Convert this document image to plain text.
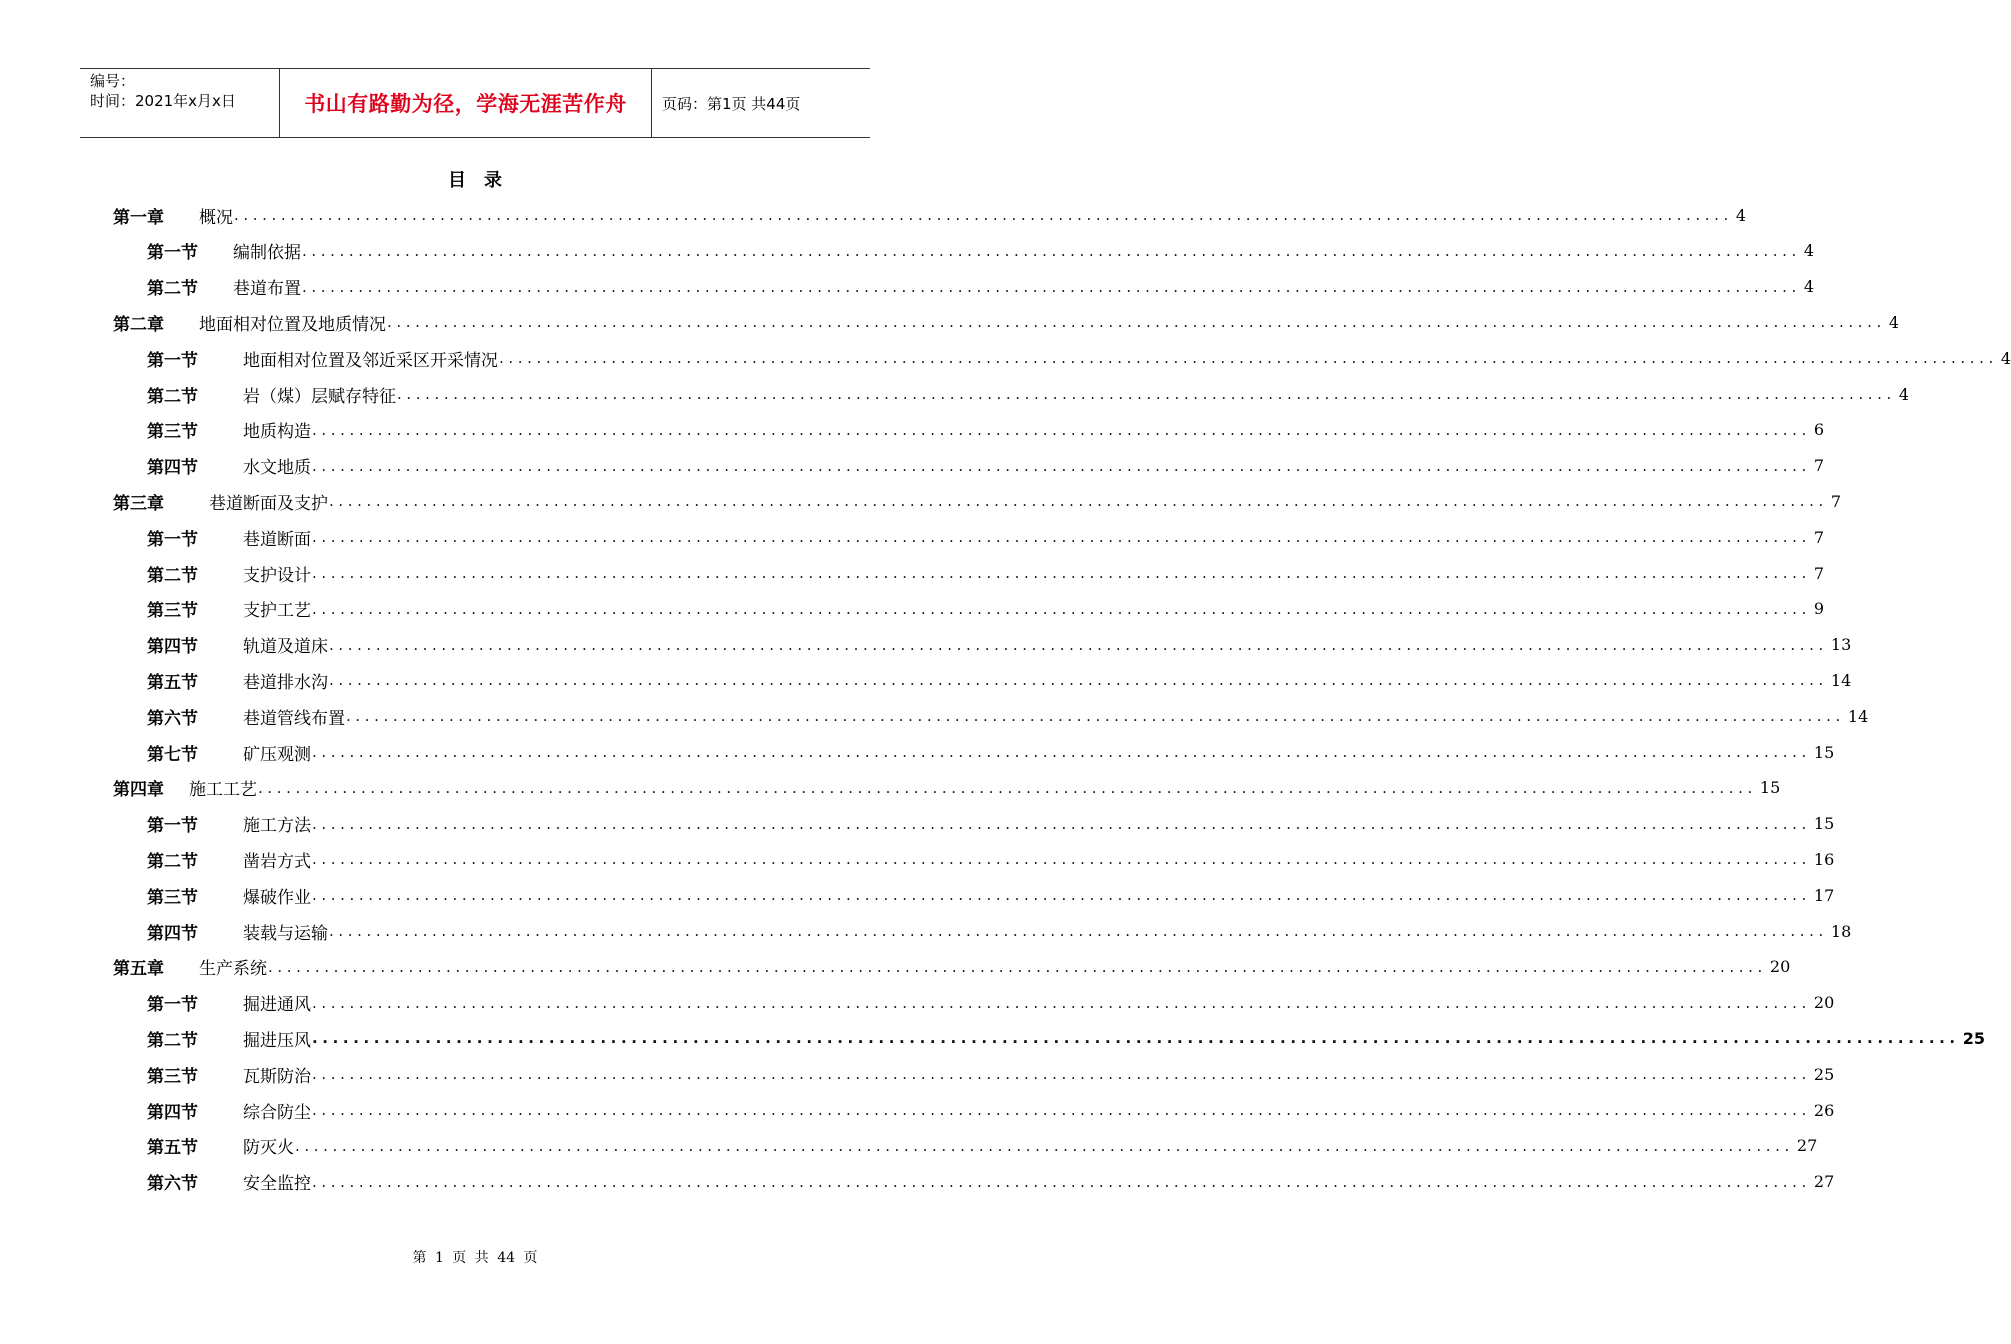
编号：
时间：2021年x月x日	书山有路勤为径，学海无涯苦作舟 页码：第1页 共44页
目录
第一章	概况 ................................................................................................................................................................ 4
第一节	编制依据 ................................................................................................................................................................ 4
第二节	巷道布置 ................................................................................................................................................................ 4
第二章	地面相对位置及地质情况 ................................................................................................................................................................ 4
第一节	地面相对位置及邻近采区开采情况 ................................................................................................................................................................ 4
第二节	岩（煤）层赋存特征 ................................................................................................................................................................ 4
第三节	地质构造 ................................................................................................................................................................ 6
第四节	水文地质 ................................................................................................................................................................ 7
第三章	巷道断面及支护 ................................................................................................................................................................ 7
第一节	巷道断面 ................................................................................................................................................................ 7
第二节	支护设计 ................................................................................................................................................................ 7
第三节	支护工艺 ................................................................................................................................................................ 9
第四节	轨道及道床 ................................................................................................................................................................ 13
第五节	巷道排水沟 ................................................................................................................................................................ 14
第六节	巷道管线布置 ................................................................................................................................................................ 14
第七节	矿压观测 ................................................................................................................................................................ 15
第四章	施工工艺 ................................................................................................................................................................ 15
第一节	施工方法 ................................................................................................................................................................ 15
第二节	凿岩方式 ................................................................................................................................................................ 16
第三节	爆破作业 ................................................................................................................................................................ 17
第四节	装载与运输 ................................................................................................................................................................ 18
第五章	生产系统 ................................................................................................................................................................ 20
第一节	掘进通风 ................................................................................................................................................................ 20
第二节	掘进压风 ................................................................................................................................................................ 25
第三节	瓦斯防治 ................................................................................................................................................................ 25
第四节	综合防尘 ................................................................................................................................................................ 26
第五节	防灭火 ................................................................................................................................................................ 27
第六节	安全监控 ................................................................................................................................................................ 27
第 1 页 共 44 页
